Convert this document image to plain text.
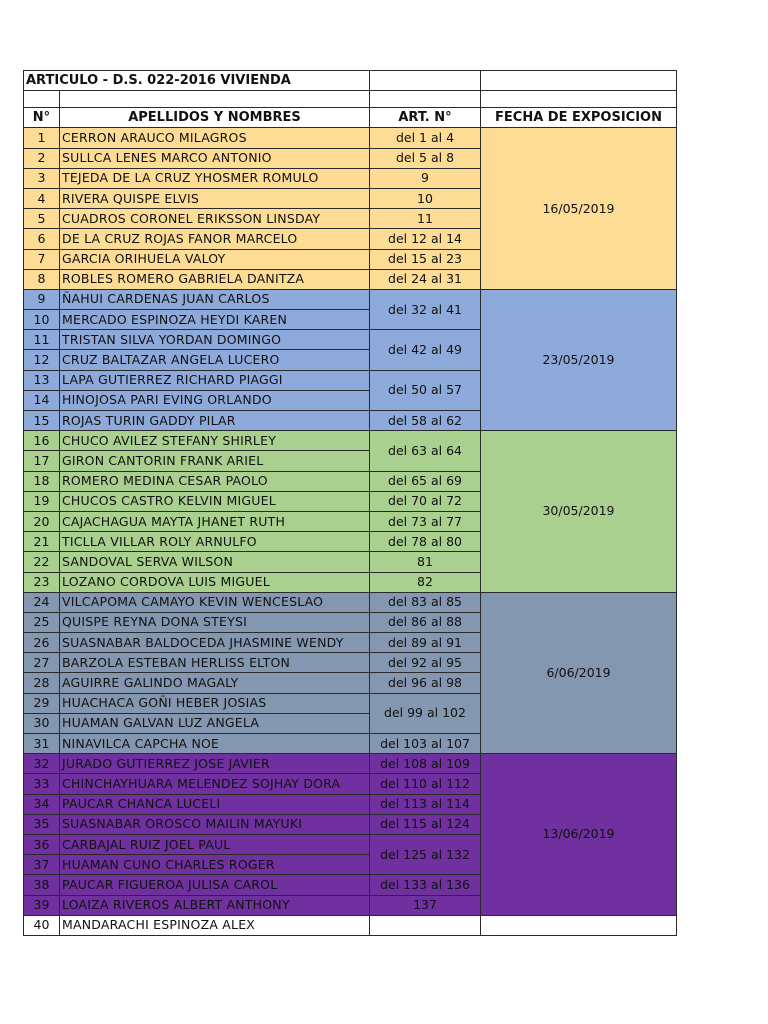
ARTICULO - D.S. 022-2016 VIVIENDA			

N°	APELLIDOS Y NOMBRES	ART. N°	FECHA DE EXPOSICION
1	CERRON ARAUCO MILAGROS	del 1 al 4	16/05/2019
2	SULLCA LENES MARCO ANTONIO	del 5 al 8	
3	TEJEDA DE LA CRUZ YHOSMER ROMULO	9	
4	RIVERA QUISPE ELVIS	10	
5	CUADROS CORONEL ERIKSSON LINSDAY	11	
6	DE LA CRUZ ROJAS FANOR MARCELO	del 12 al 14	
7	GARCIA ORIHUELA VALOY	del 15 al 23	
8	ROBLES ROMERO GABRIELA DANITZA	del 24 al 31	
9	ÑAHUI CARDENAS JUAN CARLOS	del 32 al 41	23/05/2019
10	MERCADO ESPINOZA HEYDI KAREN		
11	TRISTAN SILVA YORDAN DOMINGO	del 42 al 49	
12	CRUZ BALTAZAR ANGELA LUCERO		
13	LAPA GUTIERREZ RICHARD PIAGGI	del 50 al 57	
14	HINOJOSA PARI EVING ORLANDO		
15	ROJAS TURIN GADDY PILAR	del 58 al 62	
16	CHUCO AVILEZ STEFANY SHIRLEY	del 63 al 64	30/05/2019
17	GIRON CANTORIN FRANK ARIEL		
18	ROMERO MEDINA CESAR PAOLO	del 65 al 69	
19	CHUCOS CASTRO KELVIN MIGUEL	del 70 al 72	
20	CAJACHAGUA MAYTA JHANET RUTH	del 73 al 77	
21	TICLLA VILLAR ROLY ARNULFO	del 78 al 80	
22	SANDOVAL SERVA WILSON	81	
23	LOZANO CORDOVA LUIS MIGUEL	82	
24	VILCAPOMA CAMAYO KEVIN WENCESLAO	del 83 al 85	6/06/2019
25	QUISPE REYNA DONA STEYSI	del 86 al 88	
26	SUASNABAR BALDOCEDA JHASMINE WENDY	del 89 al 91	
27	BARZOLA ESTEBAN HERLISS ELTON	del 92 al 95	
28	AGUIRRE GALINDO MAGALY	del 96 al 98	
29	HUACHACA GOÑI HEBER JOSIAS	del 99 al 102	
30	HUAMAN GALVAN LUZ ANGELA		
31	NINAVILCA CAPCHA NOE	del 103 al 107	
32	JURADO GUTIERREZ JOSE JAVIER	del 108 al 109	13/06/2019
33	CHINCHAYHUARA MELENDEZ SOJHAY DORA	del 110 al 112	
34	PAUCAR CHANCA LUCELI	del 113 al 114	
35	SUASNABAR OROSCO MAILIN MAYUKI	del 115 al 124	
36	CARBAJAL RUIZ JOEL PAUL	del 125 al 132	
37	HUAMAN CUNO CHARLES ROGER		
38	PAUCAR FIGUEROA JULISA CAROL	del 133 al 136	
39	LOAIZA RIVEROS ALBERT ANTHONY	137	
40	MANDARACHI ESPINOZA ALEX		
